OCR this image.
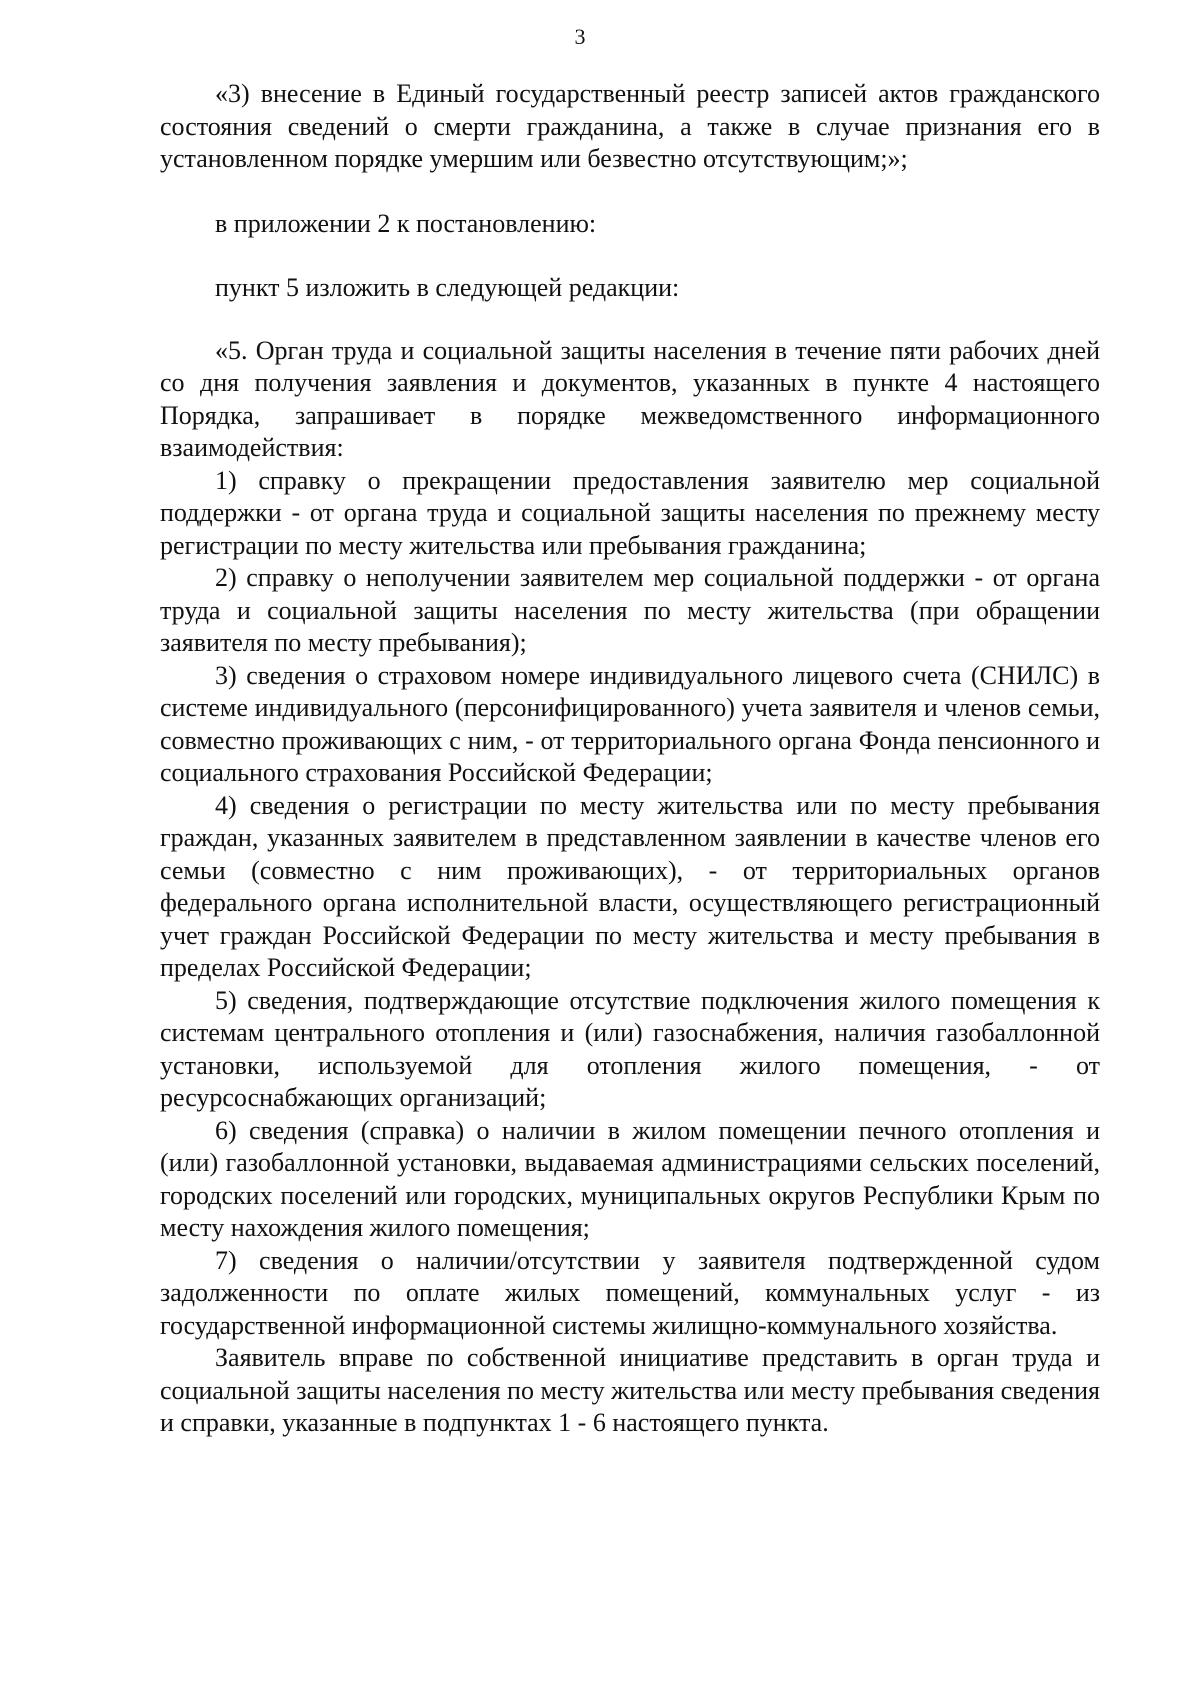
3

«3) внесение в Единый государственный реестр записей актов гражданского состояния сведений о смерти гражданина, а также в случае признания его в установленном порядке умершим или безвестно отсутствующим;»;

в приложении 2 к постановлению:

пункт 5 изложить в следующей редакции:

«5. Орган труда и социальной защиты населения в течение пяти рабочих дней со дня получения заявления и документов, указанных в пункте 4 настоящего Порядка, запрашивает в порядке межведомственного информационного взаимодействия:

1) справку о прекращении предоставления заявителю мер социальной поддержки - от органа труда и социальной защиты населения по прежнему месту регистрации по месту жительства или пребывания гражданина;

2) справку о неполучении заявителем мер социальной поддержки - от органа труда и социальной защиты населения по месту жительства (при обращении заявителя по месту пребывания);

3) сведения о страховом номере индивидуального лицевого счета (СНИЛС) в системе индивидуального (персонифицированного) учета заявителя и членов семьи, совместно проживающих с ним, - от территориального органа Фонда пенсионного и социального страхования Российской Федерации;

4) сведения о регистрации по месту жительства или по месту пребывания граждан, указанных заявителем в представленном заявлении в качестве членов его семьи (совместно с ним проживающих), - от территориальных органов федерального органа исполнительной власти, осуществляющего регистрационный учет граждан Российской Федерации по месту жительства и месту пребывания в пределах Российской Федерации;

5) сведения, подтверждающие отсутствие подключения жилого помещения к системам центрального отопления и (или) газоснабжения, наличия газобаллонной установки, используемой для отопления жилого помещения, - от ресурсоснабжающих организаций;

6) сведения (справка) о наличии в жилом помещении печного отопления и (или) газобаллонной установки, выдаваемая администрациями сельских поселений, городских поселений или городских, муниципальных округов Республики Крым по месту нахождения жилого помещения;

7) сведения о наличии/отсутствии у заявителя подтвержденной судом задолженности по оплате жилых помещений, коммунальных услуг - из государственной информационной системы жилищно-коммунального хозяйства.

Заявитель вправе по собственной инициативе представить в орган труда и социальной защиты населения по месту жительства или месту пребывания сведения и справки, указанные в подпунктах 1 - 6 настоящего пункта.
